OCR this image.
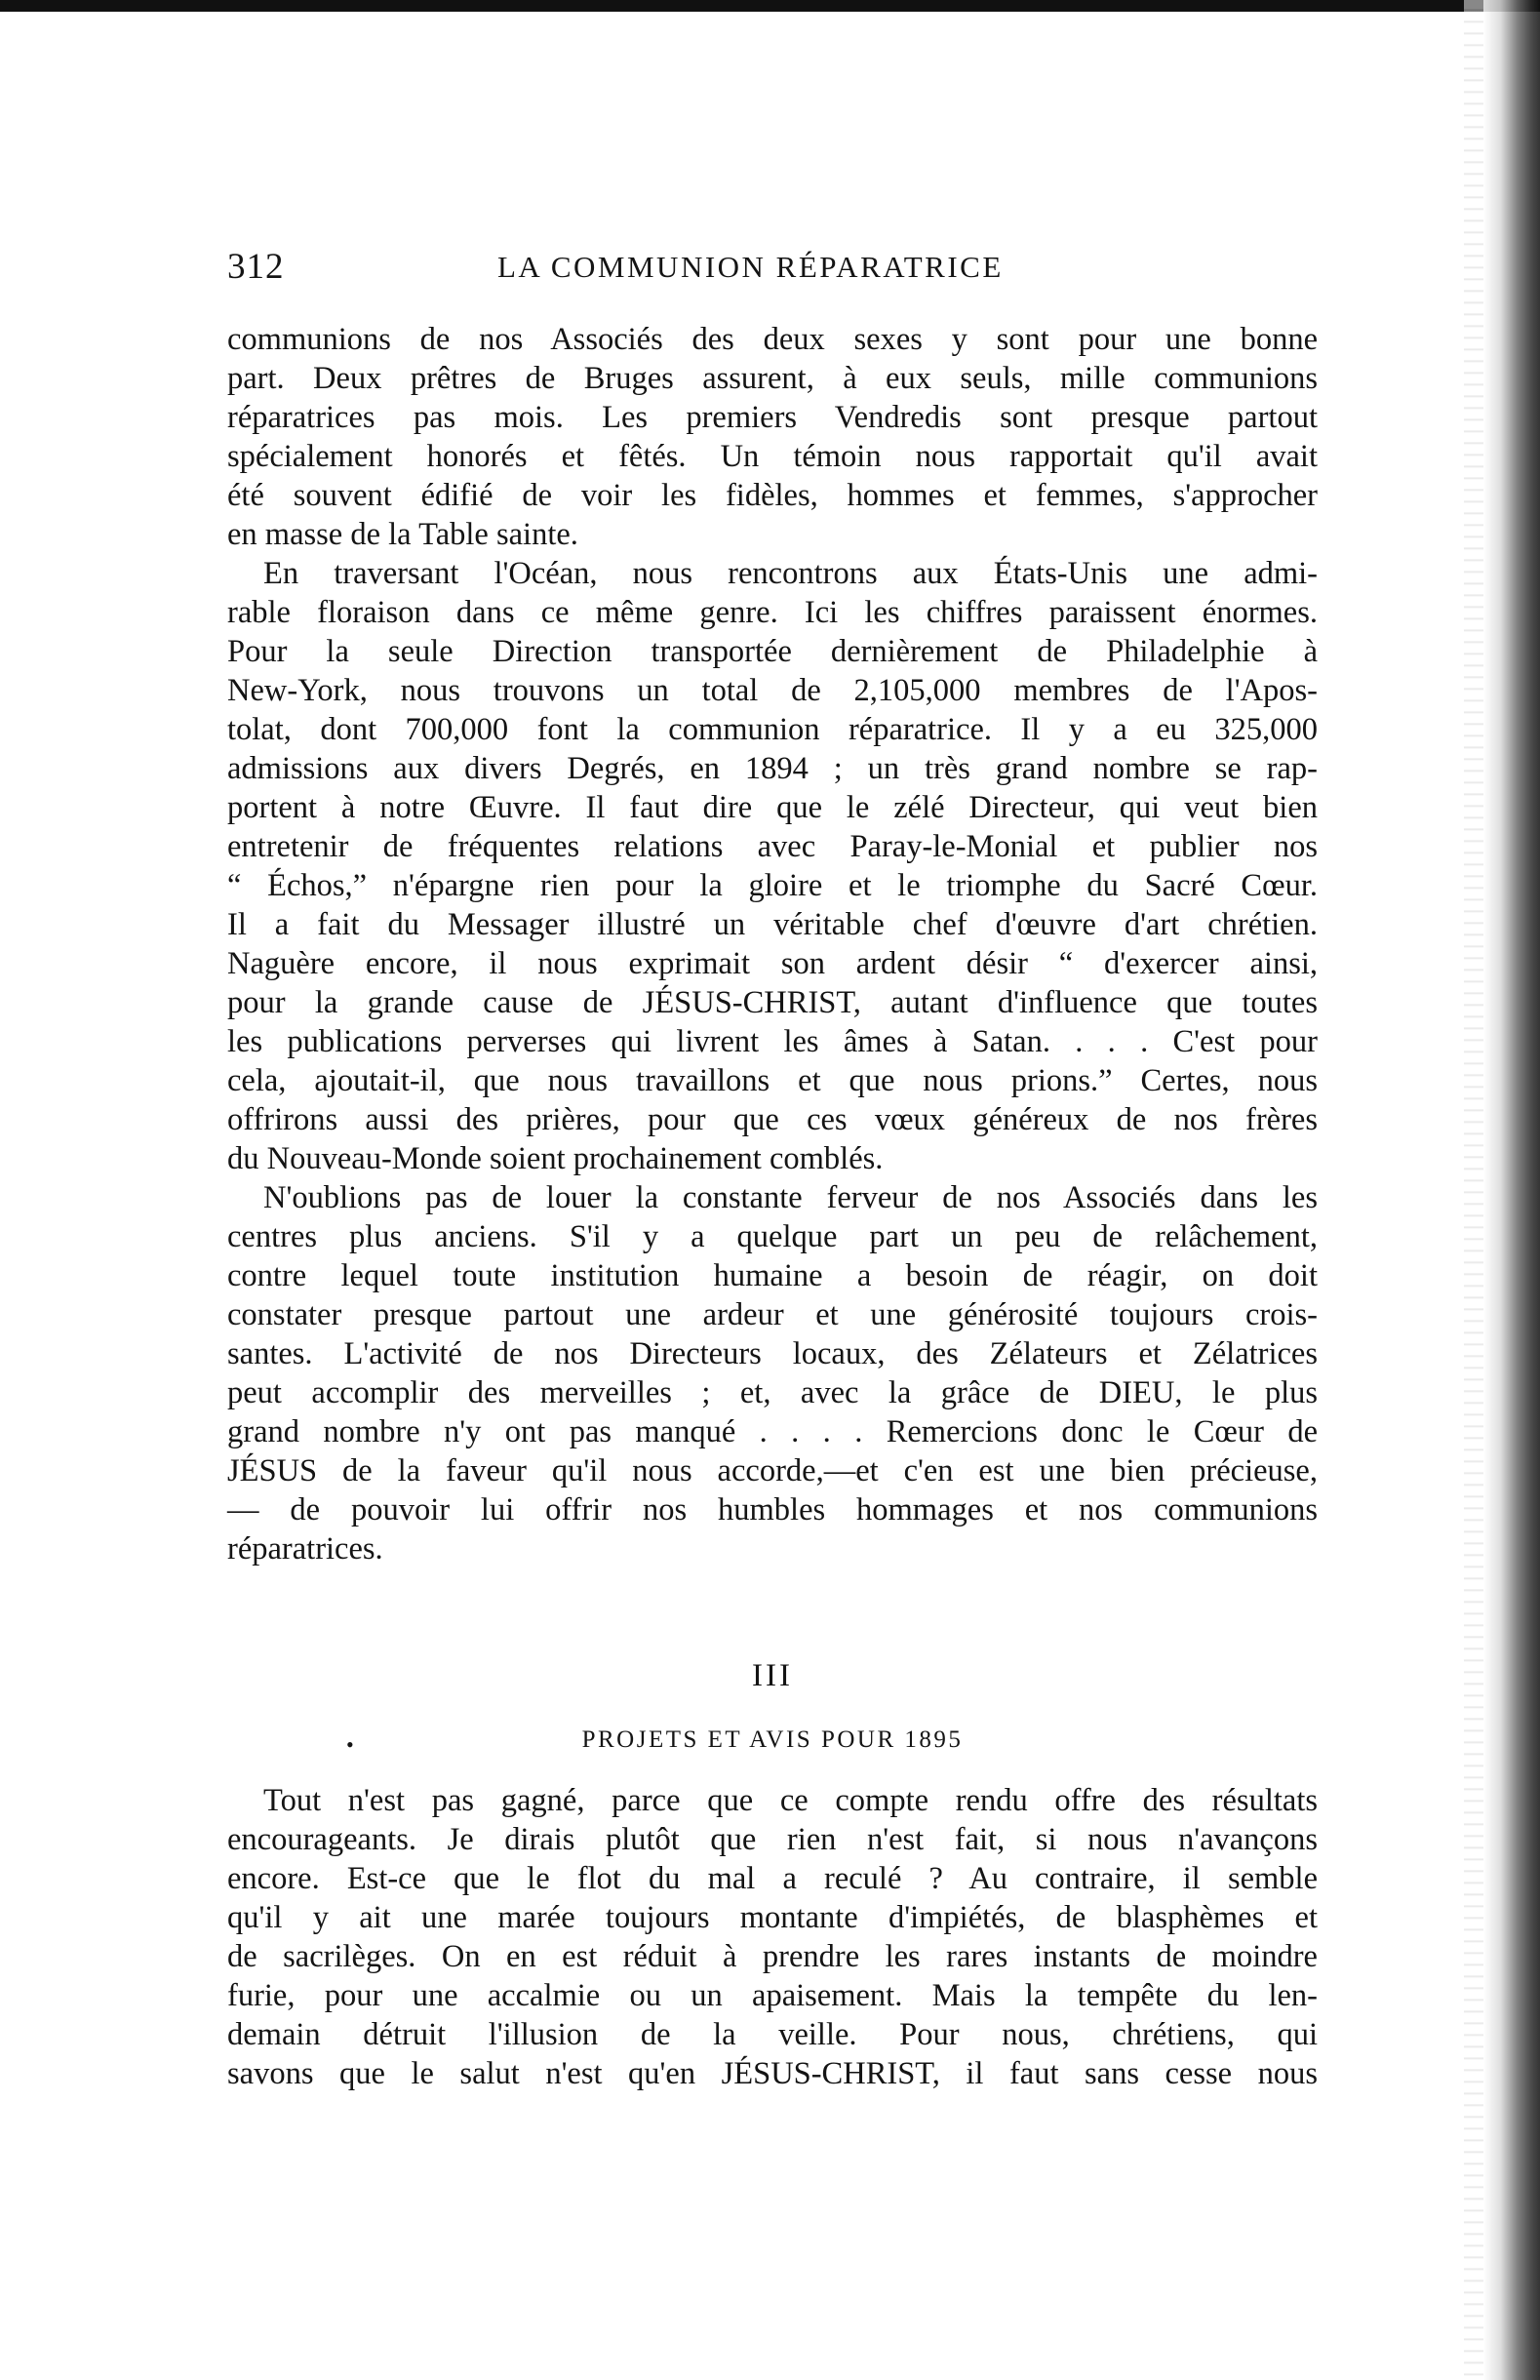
312	LA COMMUNION RÉPARATRICE
communions de nos Associés des deux sexes y sont pour une bonne
part. Deux prêtres de Bruges assurent, à eux seuls, mille communions
réparatrices pas mois. Les premiers Vendredis sont presque partout
spécialement honorés et fêtés. Un témoin nous rapportait qu'il avait
été souvent édifié de voir les fidèles, hommes et femmes, s'approcher
en masse de la Table sainte.
En traversant l'Océan, nous rencontrons aux États-Unis une admi-
rable floraison dans ce même genre. Ici les chiffres paraissent énormes.
Pour la seule Direction transportée dernièrement de Philadelphie à
New-York, nous trouvons un total de 2,105,000 membres de l'Apos-
tolat, dont 700,000 font la communion réparatrice. Il y a eu 325,000
admissions aux divers Degrés, en 1894 ; un très grand nombre se rap-
portent à notre Œuvre. Il faut dire que le zélé Directeur, qui veut bien
entretenir de fréquentes relations avec Paray-le-Monial et publier nos
“ Échos,” n'épargne rien pour la gloire et le triomphe du Sacré Cœur.
Il a fait du Messager illustré un véritable chef d'œuvre d'art chrétien.
Naguère encore, il nous exprimait son ardent désir “ d'exercer ainsi,
pour la grande cause de JÉSUS-CHRIST, autant d'influence que toutes
les publications perverses qui livrent les âmes à Satan. . . . C'est pour
cela, ajoutait-il, que nous travaillons et que nous prions.” Certes, nous
offrirons aussi des prières, pour que ces vœux généreux de nos frères
du Nouveau-Monde soient prochainement comblés.
N'oublions pas de louer la constante ferveur de nos Associés dans les
centres plus anciens. S'il y a quelque part un peu de relâchement,
contre lequel toute institution humaine a besoin de réagir, on doit
constater presque partout une ardeur et une générosité toujours crois-
santes. L'activité de nos Directeurs locaux, des Zélateurs et Zélatrices
peut accomplir des merveilles ; et, avec la grâce de DIEU, le plus
grand nombre n'y ont pas manqué . . . . Remercions donc le Cœur de
JÉSUS de la faveur qu'il nous accorde,—et c'en est une bien précieuse,
— de pouvoir lui offrir nos humbles hommages et nos communions
réparatrices.
III
•	PROJETS ET AVIS POUR 1895
Tout n'est pas gagné, parce que ce compte rendu offre des résultats
encourageants. Je dirais plutôt que rien n'est fait, si nous n'avançons
encore. Est-ce que le flot du mal a reculé ? Au contraire, il semble
qu'il y ait une marée toujours montante d'impiétés, de blasphèmes et
de sacrilèges. On en est réduit à prendre les rares instants de moindre
furie, pour une accalmie ou un apaisement. Mais la tempête du len-
demain détruit l'illusion de la veille. Pour nous, chrétiens, qui
savons que le salut n'est qu'en JÉSUS-CHRIST, il faut sans cesse nous
